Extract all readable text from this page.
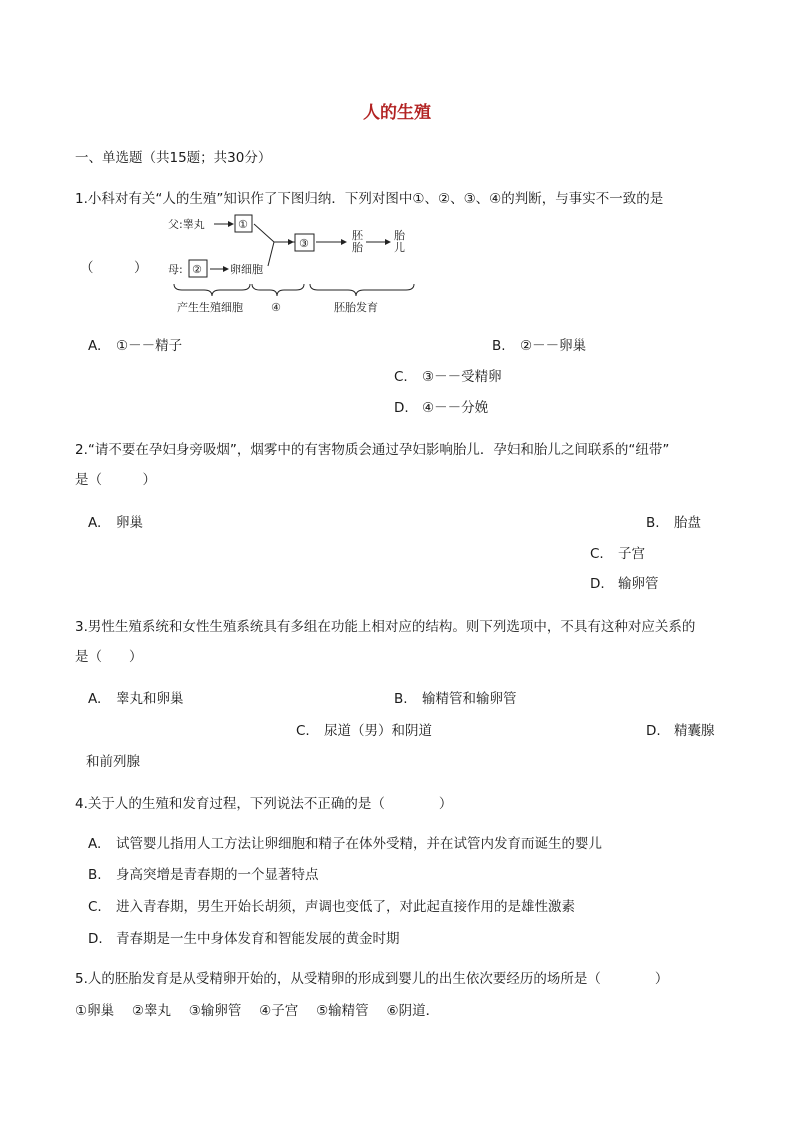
人的生殖
一、单选题（共15题；共30分）
1.小科对有关“人的生殖”知识作了下图归纳．下列对图中①、②、③、④的判断，与事实不一致的是
（　　　）
父:睾丸	①
母: ②	卵细胞
③
胚
胎
胎
儿
产生生殖细胞	④	胚胎发育
A. ①－－精子	B. ②－－卵巢
C. ③－－受精卵
D. ④－－分娩
2.“请不要在孕妇身旁吸烟”，烟雾中的有害物质会通过孕妇影响胎儿．孕妇和胎儿之间联系的“纽带”
是（　　　）
A. 卵巢	B. 胎盘
C. 子宫
D. 输卵管
3.男性生殖系统和女性生殖系统具有多组在功能上相对应的结构。则下列选项中，不具有这种对应关系的
是（　　）
A. 睾丸和卵巢	B. 输精管和输卵管
C. 尿道（男）和阴道	D. 精囊腺
和前列腺
4.关于人的生殖和发育过程，下列说法不正确的是（　　　　）
A. 试管婴儿指用人工方法让卵细胞和精子在体外受精，并在试管内发育而诞生的婴儿
B. 身高突增是青春期的一个显著特点
C. 进入青春期，男生开始长胡须，声调也变低了，对此起直接作用的是雄性激素
D. 青春期是一生中身体发育和智能发展的黄金时期
5.人的胚胎发育是从受精卵开始的，从受精卵的形成到婴儿的出生依次要经历的场所是（　　　　）
①卵巢　 ②睾丸　 ③输卵管　 ④子宫　 ⑤输精管　 ⑥阴道．
